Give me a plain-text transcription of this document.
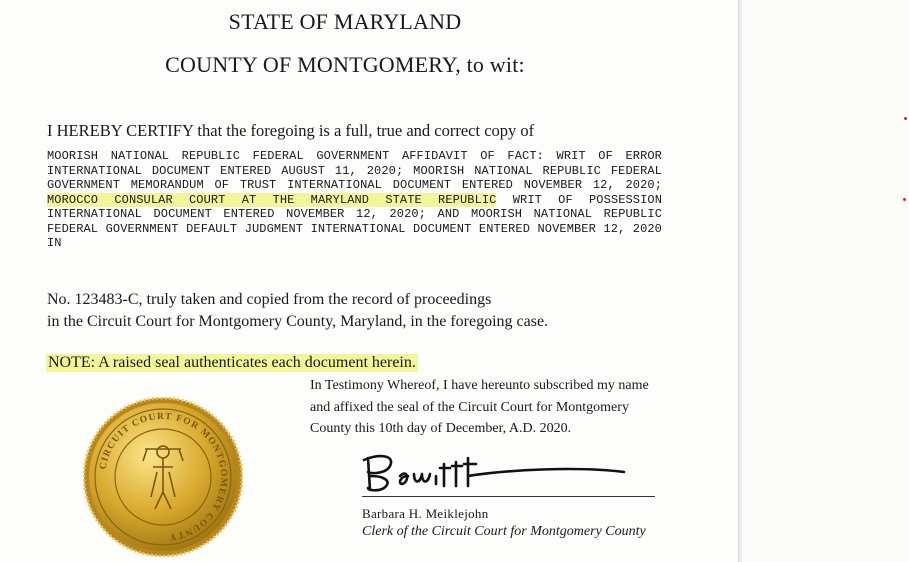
STATE OF MARYLAND
COUNTY OF MONTGOMERY, to wit:
I HEREBY CERTIFY that the foregoing is a full, true and correct copy of
MOORISH NATIONAL REPUBLIC FEDERAL GOVERNMENT AFFIDAVIT OF FACT: WRIT OF ERROR INTERNATIONAL DOCUMENT ENTERED AUGUST 11, 2020; MOORISH NATIONAL REPUBLIC FEDERAL GOVERNMENT MEMORANDUM OF TRUST INTERNATIONAL DOCUMENT ENTERED NOVEMBER 12, 2020; MOROCCO CONSULAR COURT AT THE MARYLAND STATE REPUBLIC WRIT OF POSSESSION INTERNATIONAL DOCUMENT ENTERED NOVEMBER 12, 2020; AND MOORISH NATIONAL REPUBLIC FEDERAL GOVERNMENT DEFAULT JUDGMENT INTERNATIONAL DOCUMENT ENTERED NOVEMBER 12, 2020 IN
No. 123483-C, truly taken and copied from the record of proceedings
in the Circuit Court for Montgomery County, Maryland, in the foregoing case.
NOTE: A raised seal authenticates each document herein.
In Testimony Whereof, I have hereunto subscribed my name
and affixed the seal of the Circuit Court for Montgomery
County this 10th day of December, A.D. 2020.
CIRCUIT COURT FOR MONTGOMERY COUNTY
Barbara H. Meiklejohn
Clerk of the Circuit Court for Montgomery County
